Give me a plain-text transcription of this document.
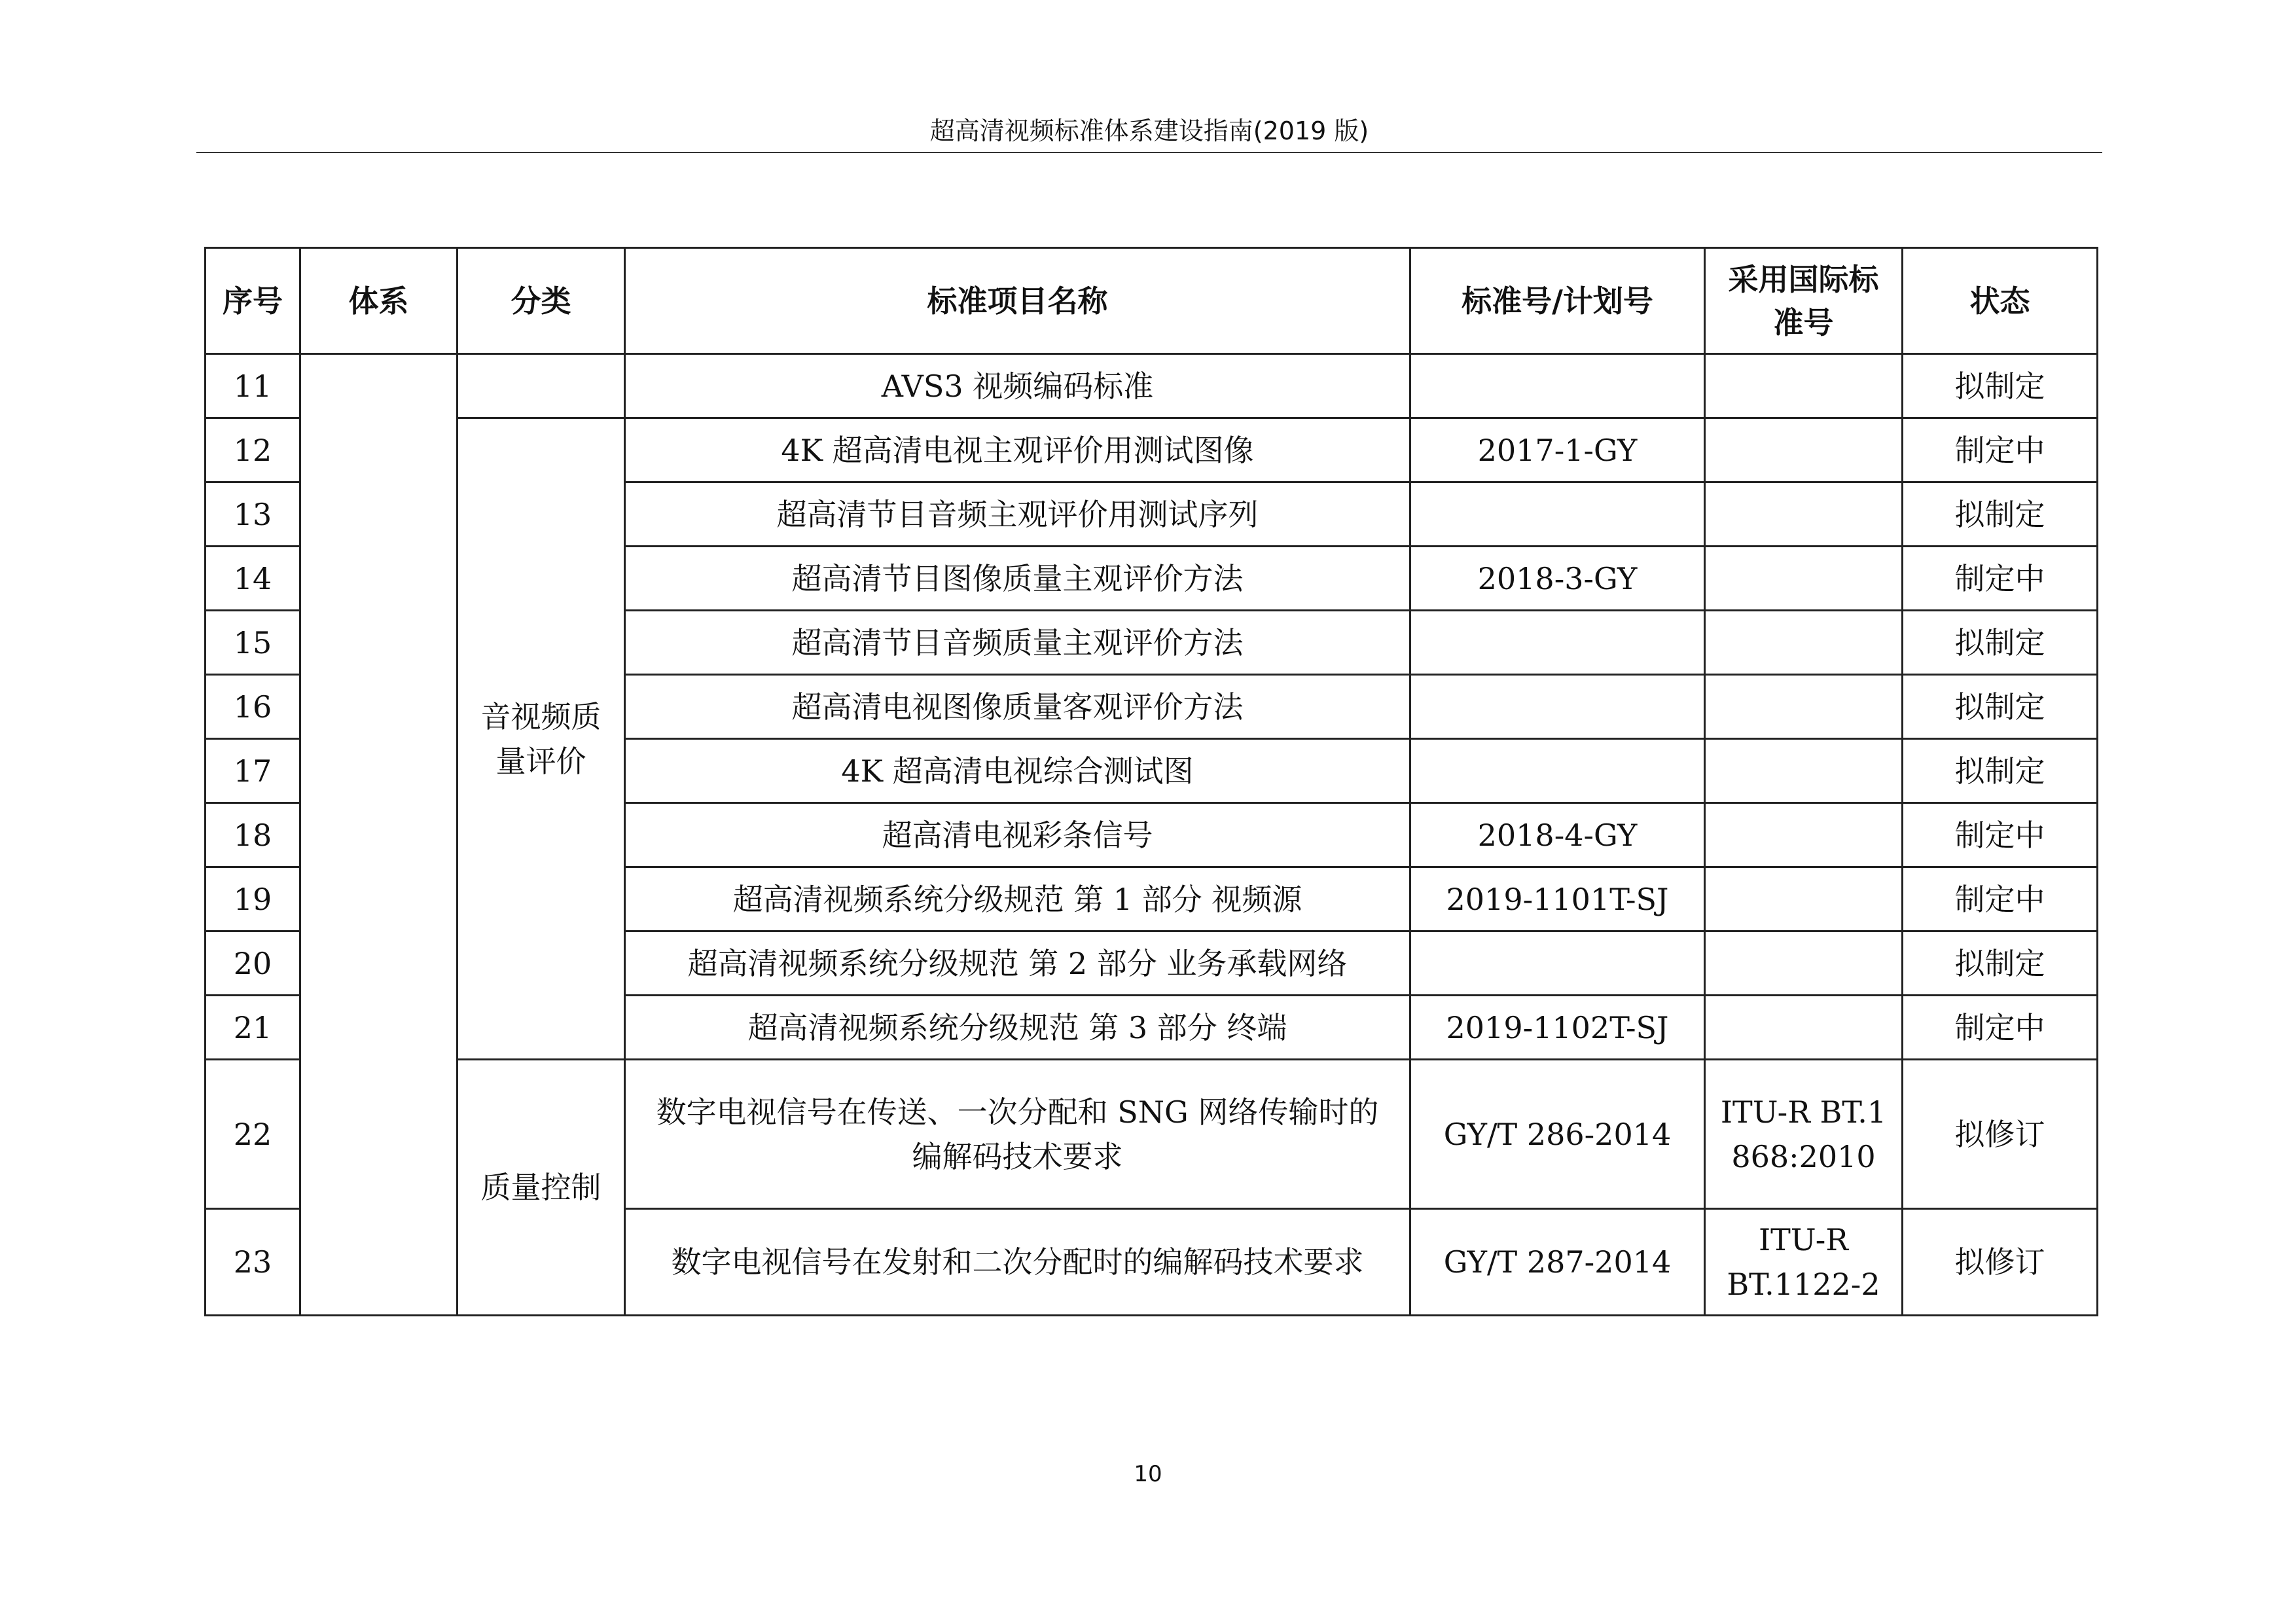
超高清视频标准体系建设指南(2019 版)
序号	体系	分类	标准项目名称	标准号/计划号	采用国际标准号	状态
11			AVS3 视频编码标准			拟制定
12		音视频质量评价	4K 超高清电视主观评价用测试图像	2017-1-GY		制定中
13			超高清节目音频主观评价用测试序列			拟制定
14			超高清节目图像质量主观评价方法	2018-3-GY		制定中
15			超高清节目音频质量主观评价方法			拟制定
16			超高清电视图像质量客观评价方法			拟制定
17			4K 超高清电视综合测试图			拟制定
18			超高清电视彩条信号	2018-4-GY		制定中
19			超高清视频系统分级规范 第 1 部分 视频源	2019-1101T-SJ		制定中
20			超高清视频系统分级规范 第 2 部分 业务承载网络			拟制定
21			超高清视频系统分级规范 第 3 部分 终端	2019-1102T-SJ		制定中
22		质量控制	数字电视信号在传送、一次分配和 SNG 网络传输时的编解码技术要求	GY/T 286-2014	ITU-R BT.1868:2010	拟修订
23			数字电视信号在发射和二次分配时的编解码技术要求	GY/T 287-2014	ITU-R BT.1122-2	拟修订
10
